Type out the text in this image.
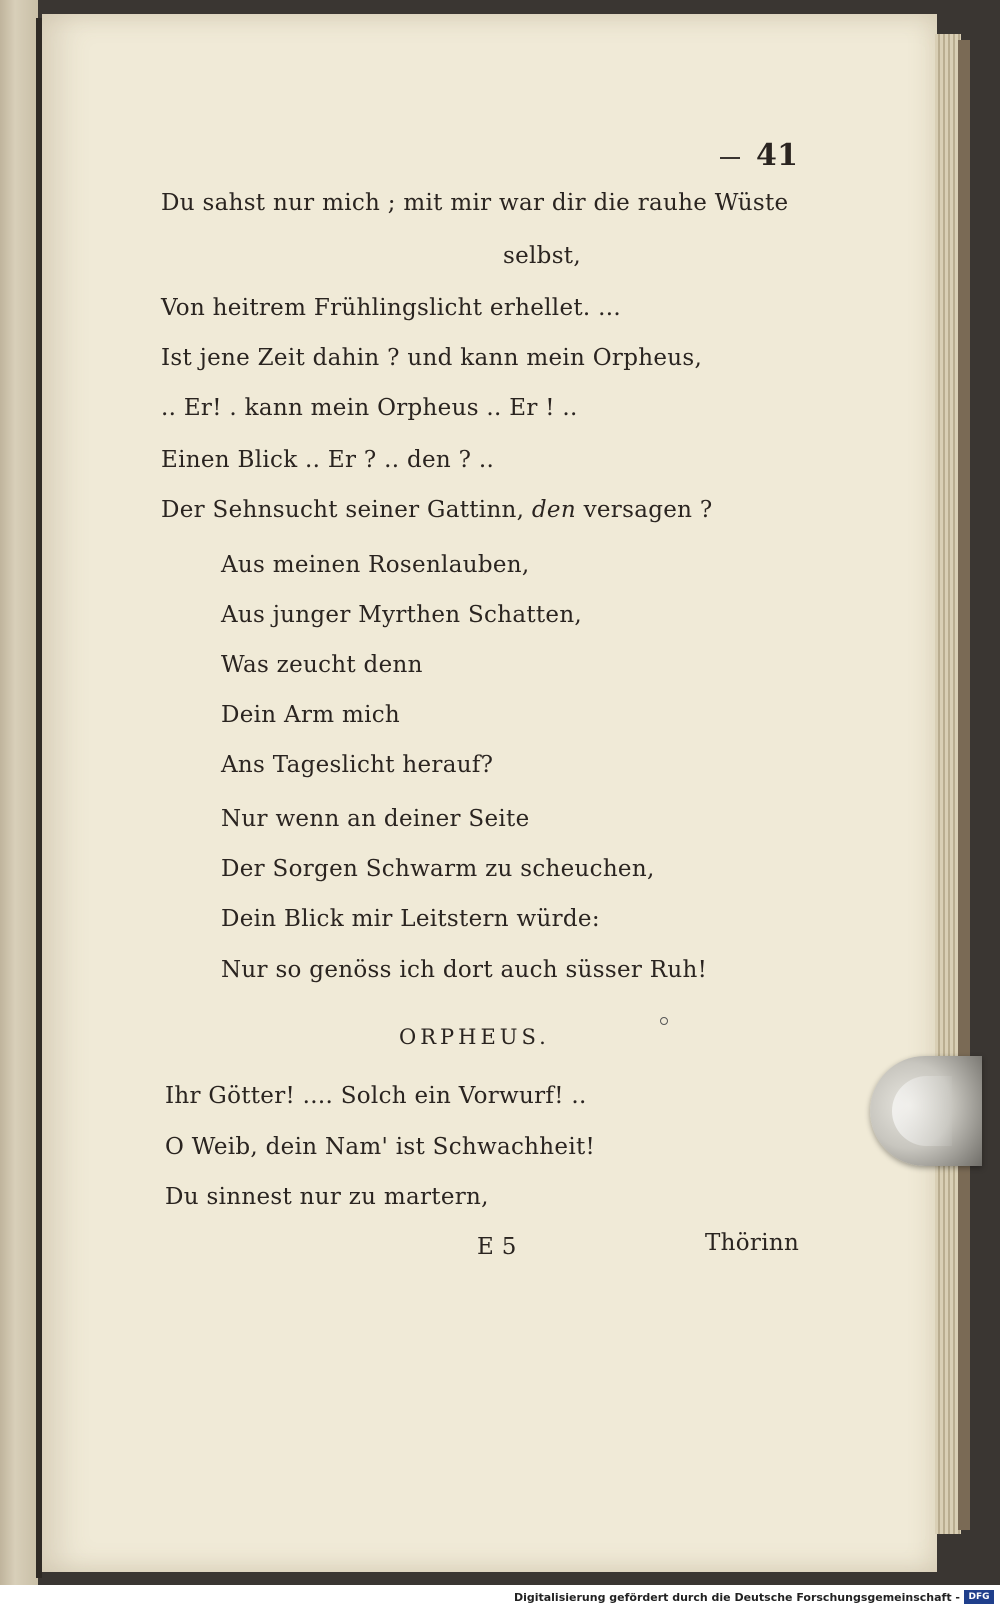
41
Du sahst nur mich ; mit mir war dir die rauhe Wüste
selbst,
Von heitrem Frühlingslicht erhellet. ...
Ist jene Zeit dahin ? und kann mein Orpheus,
.. Er! . kann mein Orpheus .. Er ! ..
Einen Blick .. Er ? .. den ? ..
Der Sehnsucht seiner Gattinn, den versagen ?
Aus meinen Rosenlauben,
Aus junger Myrthen Schatten,
Was zeucht denn
Dein Arm mich
Ans Tageslicht herauf?
Nur wenn an deiner Seite
Der Sorgen Schwarm zu scheuchen,
Dein Blick mir Leitstern würde:
Nur so genöss ich dort auch süsser Ruh!
ORPHEUS.
Ihr Götter! .... Solch ein Vorwurf! ..
O Weib, dein Nam' ist Schwachheit!
Du sinnest nur zu martern,
E 5	Thörinn
Digitalisierung gefördert durch die Deutsche Forschungsgemeinschaft - DFG
